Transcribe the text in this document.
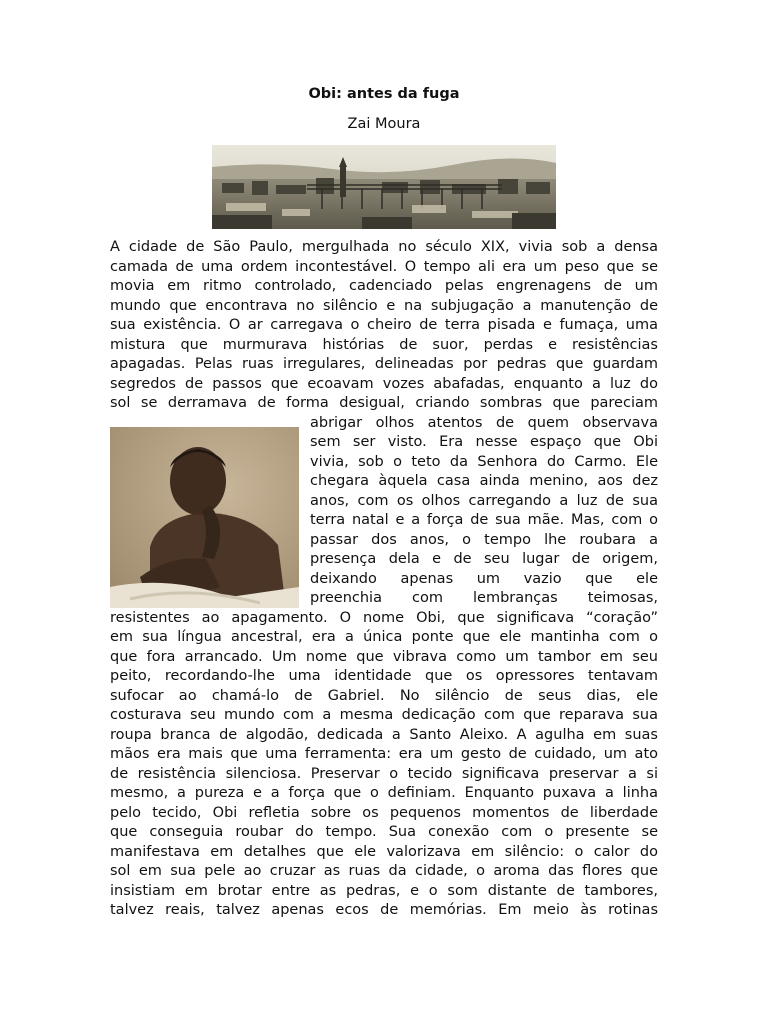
Obi: antes da fuga
Zai Moura
A cidade de São Paulo, mergulhada no século XIX, vivia sob a densa
camada de uma ordem incontestável. O tempo ali era um peso que se
movia em ritmo controlado, cadenciado pelas engrenagens de um
mundo que encontrava no silêncio e na subjugação a manutenção de
sua existência. O ar carregava o cheiro de terra pisada e fumaça, uma
mistura que murmurava histórias de suor, perdas e resistências
apagadas. Pelas ruas irregulares, delineadas por pedras que guardam
segredos de passos que ecoavam vozes abafadas, enquanto a luz do
sol se derramava de forma desigual, criando sombras que pareciam
abrigar olhos atentos de quem observava
sem ser visto. Era nesse espaço que Obi
vivia, sob o teto da Senhora do Carmo. Ele
chegara àquela casa ainda menino, aos dez
anos, com os olhos carregando a luz de sua
terra natal e a força de sua mãe. Mas, com o
passar dos anos, o tempo lhe roubara a
presença dela e de seu lugar de origem,
deixando apenas um vazio que ele
preenchia com lembranças teimosas,
resistentes ao apagamento. O nome Obi, que significava “coração”
em sua língua ancestral, era a única ponte que ele mantinha com o
que fora arrancado. Um nome que vibrava como um tambor em seu
peito, recordando-lhe uma identidade que os opressores tentavam
sufocar ao chamá-lo de Gabriel. No silêncio de seus dias, ele
costurava seu mundo com a mesma dedicação com que reparava sua
roupa branca de algodão, dedicada a Santo Aleixo. A agulha em suas
mãos era mais que uma ferramenta: era um gesto de cuidado, um ato
de resistência silenciosa. Preservar o tecido significava preservar a si
mesmo, a pureza e a força que o definiam. Enquanto puxava a linha
pelo tecido, Obi refletia sobre os pequenos momentos de liberdade
que conseguia roubar do tempo. Sua conexão com o presente se
manifestava em detalhes que ele valorizava em silêncio: o calor do
sol em sua pele ao cruzar as ruas da cidade, o aroma das flores que
insistiam em brotar entre as pedras, e o som distante de tambores,
talvez reais, talvez apenas ecos de memórias. Em meio às rotinas
